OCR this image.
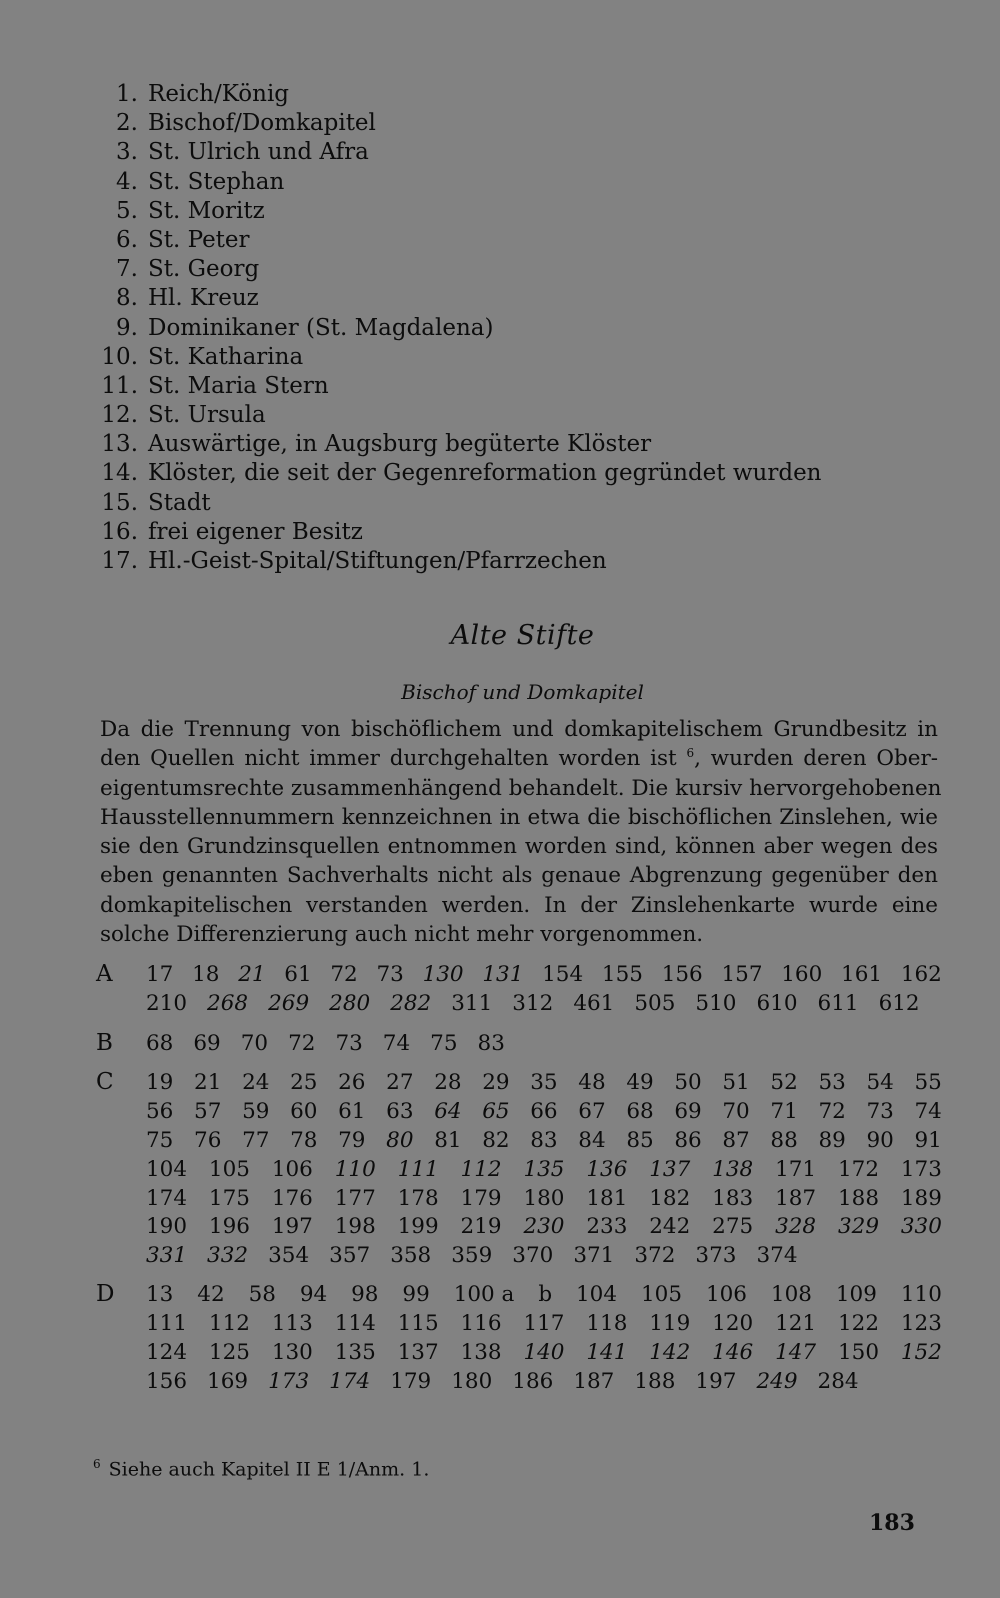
1. Reich/König
2. Bischof/Domkapitel
3. St. Ulrich und Afra
4. St. Stephan
5. St. Moritz
6. St. Peter
7. St. Georg
8. Hl. Kreuz
9. Dominikaner (St. Magdalena)
10. St. Katharina
11. St. Maria Stern
12. St. Ursula
13. Auswärtige, in Augsburg begüterte Klöster
14. Klöster, die seit der Gegenreformation gegründet wurden
15. Stadt
16. frei eigener Besitz
17. Hl.-Geist-Spital/Stiftungen/Pfarrzechen
Alte Stifte
Bischof und Domkapitel
Da die Trennung von bischöflichem und domkapitelischem Grundbesitz in
den Quellen nicht immer durchgehalten worden ist $^6$, wurden deren Ober-
eigentumsrechte zusammenhängend behandelt. Die kursiv hervorgehobenen
Hausstellennummern kennzeichnen in etwa die bischöflichen Zinslehen, wie
sie den Grundzinsquellen entnommen worden sind, können aber wegen des
eben genannten Sachverhalts nicht als genaue Abgrenzung gegenüber den
domkapitelischen verstanden werden. In der Zinslehenkarte wurde eine
solche Differenzierung auch nicht mehr vorgenommen.
A 17 18 21 61 72 73 130 131 154 155 156 157 160 161 162
210 268 269 280 282 311 312 461 505 510 610 611 612
B 68 69 70 72 73 74 75 83
C 19 21 24 25 26 27 28 29 35 48 49 50 51 52 53 54 55
56 57 59 60 61 63 64 65 66 67 68 69 70 71 72 73 74
75 76 77 78 79 80 81 82 83 84 85 86 87 88 89 90 91
104 105 106 110 111 112 135 136 137 138 171 172 173
174 175 176 177 178 179 180 181 182 183 187 188 189
190 196 197 198 199 219 230 233 242 275 328 329 330
331 332 354 357 358 359 370 371 372 373 374
D 13 42 58 94 98 99 100 a b 104 105 106 108 109 110
111 112 113 114 115 116 117 118 119 120 121 122 123
124 125 130 135 137 138 140 141 142 146 147 150 152
156 169 173 174 179 180 186 187 188 197 249 284
$^6$ Siehe auch Kapitel II E 1/Anm. 1.
183
